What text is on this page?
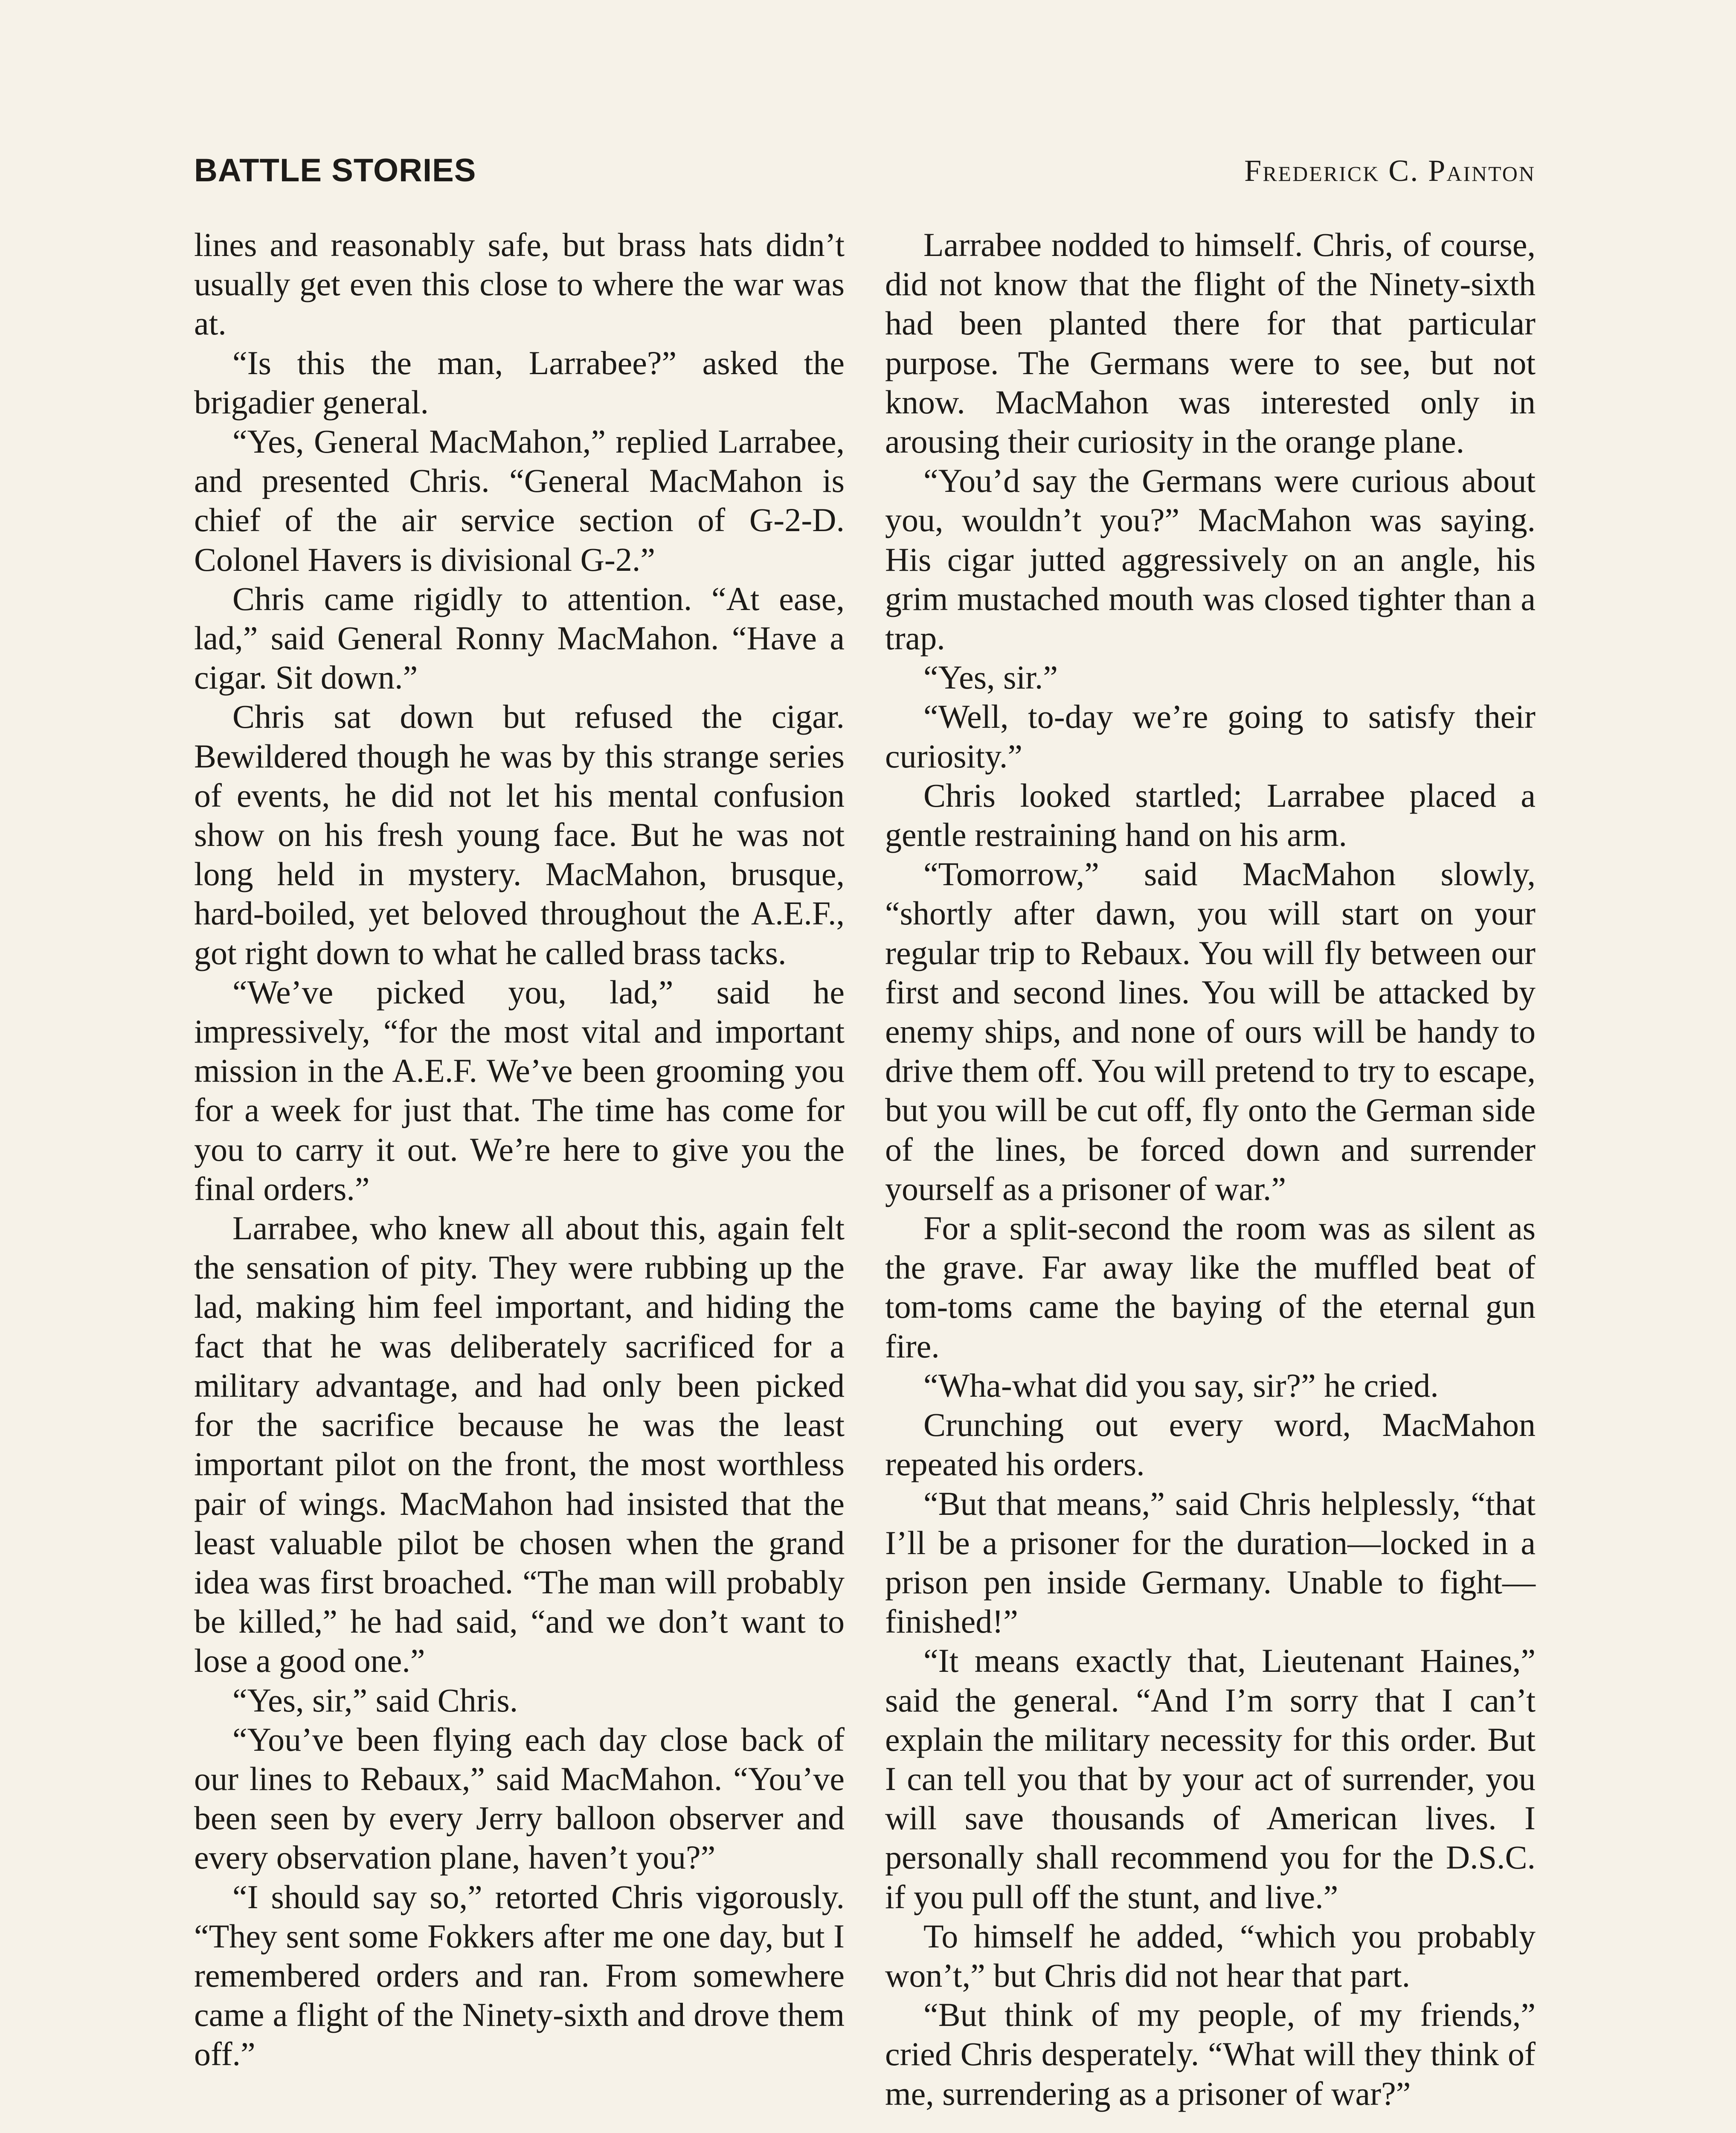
BATTLE STORIES	Frederick C. Painton

lines and reasonably safe, but brass hats didn’t usually get even this close to where the war was at.

“Is this the man, Larrabee?” asked the brigadier general.

“Yes, General MacMahon,” replied Larrabee, and presented Chris. “General MacMahon is chief of the air service section of G-2-D. Colonel Havers is divisional G-2.”

Chris came rigidly to attention. “At ease, lad,” said General Ronny MacMahon. “Have a cigar. Sit down.”

Chris sat down but refused the cigar. Bewildered though he was by this strange series of events, he did not let his mental confusion show on his fresh young face. But he was not long held in mystery. MacMahon, brusque, hard-boiled, yet beloved throughout the A.E.F., got right down to what he called brass tacks.

“We’ve picked you, lad,” said he impressively, “for the most vital and important mission in the A.E.F. We’ve been grooming you for a week for just that. The time has come for you to carry it out. We’re here to give you the final orders.”

Larrabee, who knew all about this, again felt the sensation of pity. They were rubbing up the lad, making him feel important, and hiding the fact that he was deliberately sacrificed for a military advantage, and had only been picked for the sacrifice because he was the least important pilot on the front, the most worthless pair of wings. MacMahon had insisted that the least valuable pilot be chosen when the grand idea was first broached. “The man will probably be killed,” he had said, “and we don’t want to lose a good one.”

“Yes, sir,” said Chris.

“You’ve been flying each day close back of our lines to Rebaux,” said MacMahon. “You’ve been seen by every Jerry balloon observer and every observation plane, haven’t you?”

“I should say so,” retorted Chris vigorously. “They sent some Fokkers after me one day, but I remembered orders and ran. From somewhere came a flight of the Ninety-sixth and drove them off.”

Larrabee nodded to himself. Chris, of course, did not know that the flight of the Ninety-sixth had been planted there for that particular purpose. The Germans were to see, but not know. MacMahon was interested only in arousing their curiosity in the orange plane.

“You’d say the Germans were curious about you, wouldn’t you?” MacMahon was saying. His cigar jutted aggressively on an angle, his grim mustached mouth was closed tighter than a trap.

“Yes, sir.”

“Well, to-day we’re going to satisfy their curiosity.”

Chris looked startled; Larrabee placed a gentle restraining hand on his arm.

“Tomorrow,” said MacMahon slowly, “shortly after dawn, you will start on your regular trip to Rebaux. You will fly between our first and second lines. You will be attacked by enemy ships, and none of ours will be handy to drive them off. You will pretend to try to escape, but you will be cut off, fly onto the German side of the lines, be forced down and surrender yourself as a prisoner of war.”

For a split-second the room was as silent as the grave. Far away like the muffled beat of tom-toms came the baying of the eternal gun fire.

“Wha-what did you say, sir?” he cried.

Crunching out every word, MacMahon repeated his orders.

“But that means,” said Chris helplessly, “that I’ll be a prisoner for the duration—locked in a prison pen inside Germany. Unable to fight—finished!”

“It means exactly that, Lieutenant Haines,” said the general. “And I’m sorry that I can’t explain the military necessity for this order. But I can tell you that by your act of surrender, you will save thousands of American lives. I personally shall recommend you for the D.S.C. if you pull off the stunt, and live.”

To himself he added, “which you probably won’t,” but Chris did not hear that part.

“But think of my people, of my friends,” cried Chris desperately. “What will they think of me, surrendering as a prisoner of war?”
